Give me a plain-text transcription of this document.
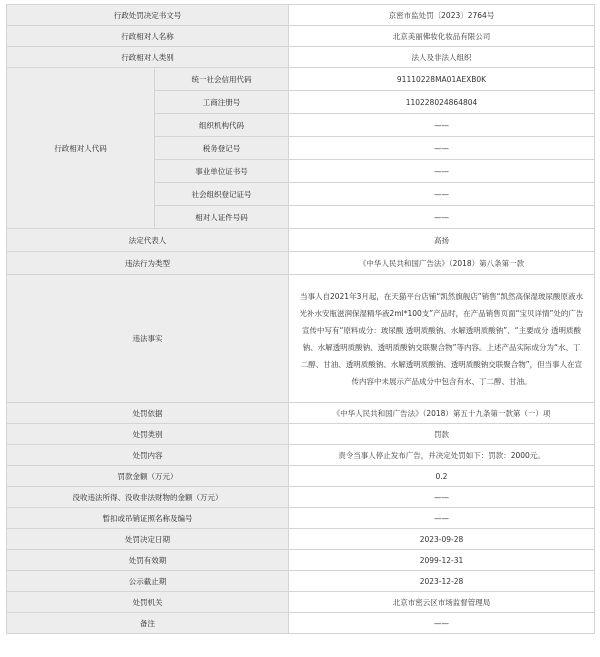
行政处罚决定书文号		京密市监处罚〔2023〕2764号
行政相对人名称		北京美丽佛妆化妆品有限公司
行政相对人类别		法人及非法人组织
行政相对人代码	统一社会信用代码	91110228MA01AEXB0K
	工商注册号	110228024864804
	组织机构代码	——
	税务登记号	——
	事业单位证书号	——
	社会组织登记证号	——
	相对人证件号码	——
法定代表人		高扬
违法行为类型		《中华人民共和国广告法》（2018）第八条第一款
违法事实		当事人自2021年3月起，在天猫平台店铺“凯然旗舰店”销售“凯然高保湿玻尿酸原液水光补水安瓶滋润保湿精华液2ml*100支”产品时，在产品销售页面“宝贝详情”处的广告宣传中写有“原料成分：玻尿酸 透明质酸钠、水解透明质酸钠”、“主要成分 透明质酸钠、水解透明质酸钠、透明质酸钠交联聚合物”等内容。上述产品实际成分为“水、丁二醇、甘油、透明质酸钠、水解透明质酸钠、透明质酸钠交联聚合物”，但当事人在宣传内容中未展示产品成分中包含有水、丁二醇、甘油。
处罚依据		《中华人民共和国广告法》（2018）第五十九条第一款第（一）项
处罚类别		罚款
处罚内容		责令当事人停止发布广告，并决定处罚如下：罚款：2000元。
罚款金额（万元）		0.2
没收违法所得、没收非法财物的金额（万元）		——
暂扣或吊销证照名称及编号		——
处罚决定日期		2023-09-28
处罚有效期		2099-12-31
公示截止期		2023-12-28
处罚机关		北京市密云区市场监督管理局
备注		——
